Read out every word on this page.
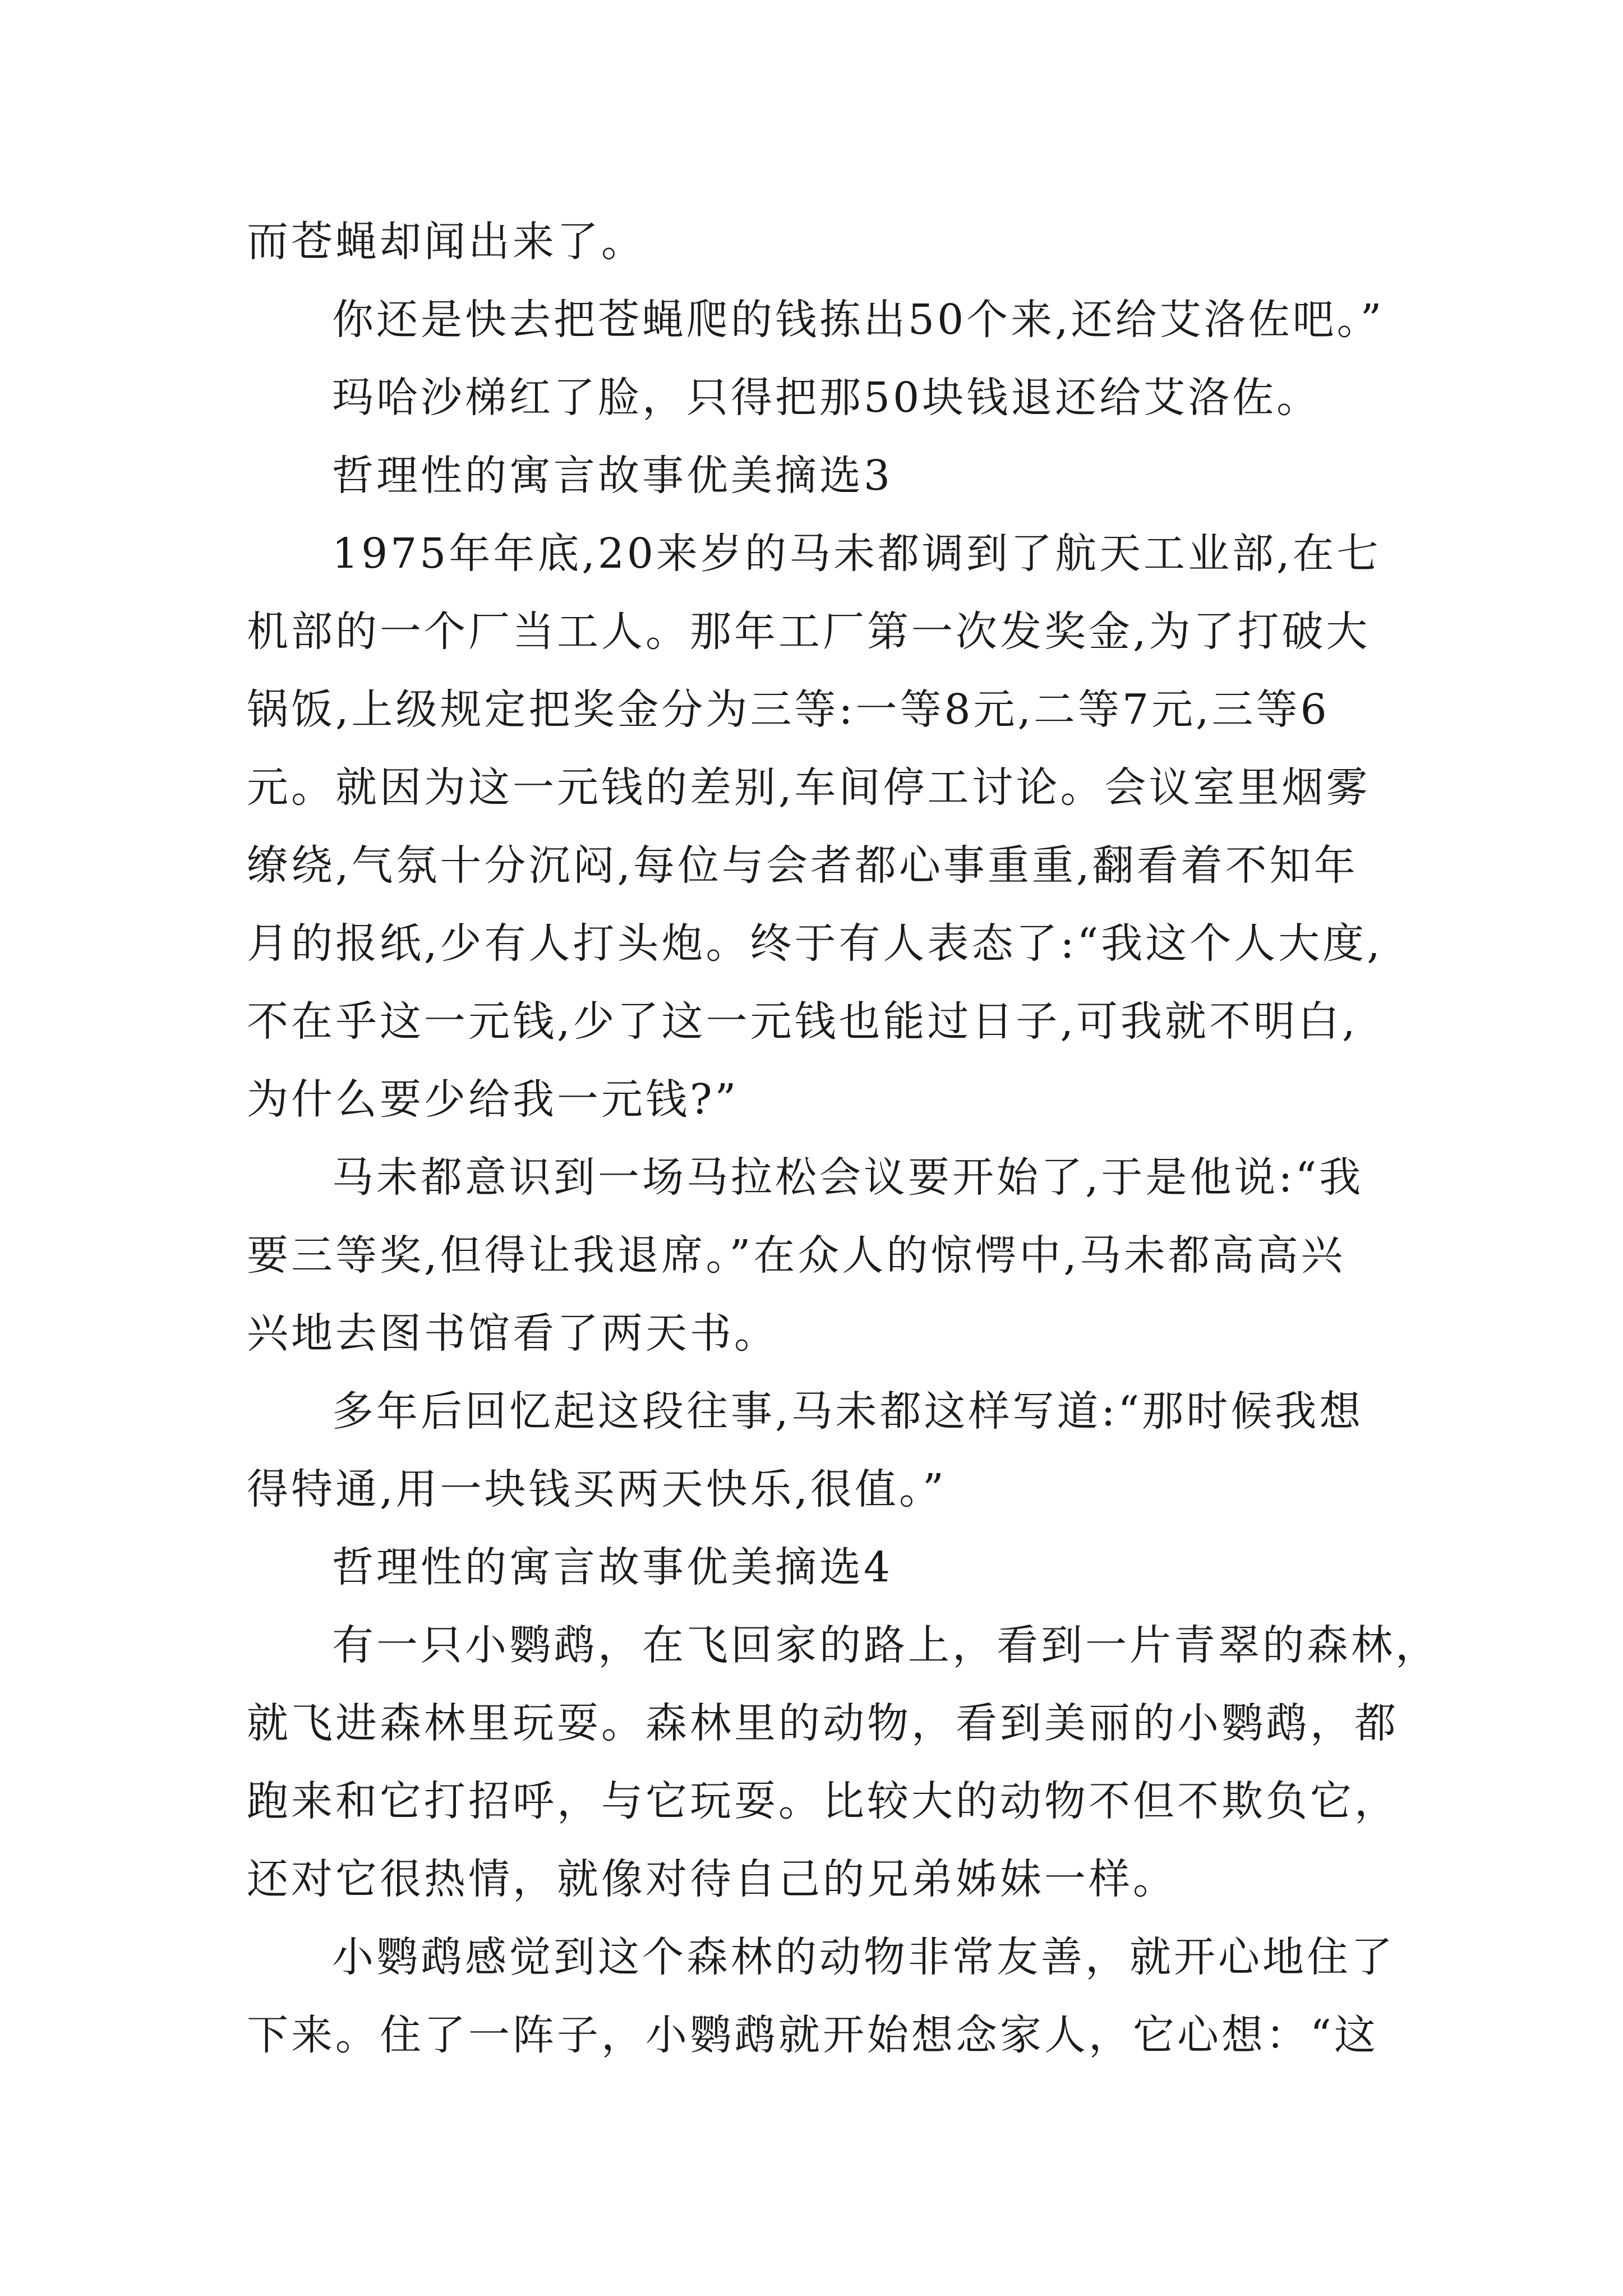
而苍蝇却闻出来了。
你还是快去把苍蝇爬的钱拣出50个来,还给艾洛佐吧。”
玛哈沙梯红了脸，只得把那50块钱退还给艾洛佐。
哲理性的寓言故事优美摘选3
1975年年底,20来岁的马未都调到了航天工业部,在七
机部的一个厂当工人。那年工厂第一次发奖金,为了打破大
锅饭,上级规定把奖金分为三等:一等8元,二等7元,三等6
元。就因为这一元钱的差别,车间停工讨论。会议室里烟雾
缭绕,气氛十分沉闷,每位与会者都心事重重,翻看着不知年
月的报纸,少有人打头炮。终于有人表态了:“我这个人大度,
不在乎这一元钱,少了这一元钱也能过日子,可我就不明白,
为什么要少给我一元钱?”
马未都意识到一场马拉松会议要开始了,于是他说:“我
要三等奖,但得让我退席。”在众人的惊愕中,马未都高高兴
兴地去图书馆看了两天书。
多年后回忆起这段往事,马未都这样写道:“那时候我想
得特通,用一块钱买两天快乐,很值。”
哲理性的寓言故事优美摘选4
有一只小鹦鹉，在飞回家的路上，看到一片青翠的森林，
就飞进森林里玩耍。森林里的动物，看到美丽的小鹦鹉，都
跑来和它打招呼，与它玩耍。比较大的动物不但不欺负它，
还对它很热情，就像对待自己的兄弟姊妹一样。
小鹦鹉感觉到这个森林的动物非常友善，就开心地住了
下来。住了一阵子，小鹦鹉就开始想念家人，它心想：“这
